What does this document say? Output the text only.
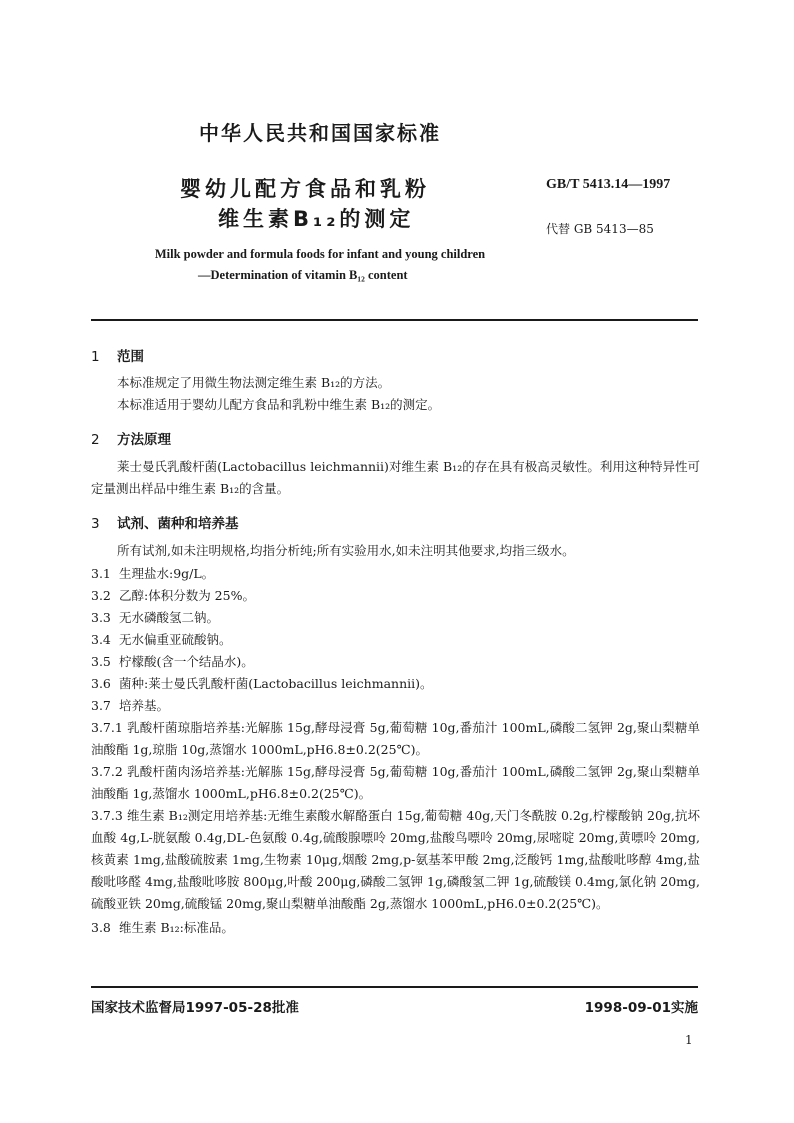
中华人民共和国国家标准
婴幼儿配方食品和乳粉
维生素B₁₂的测定
GB/T 5413.14—1997
代替 GB 5413—85
Milk powder and formula foods for infant and young children
—Determination of vitamin B₁₂ content
1 范围
本标准规定了用微生物法测定维生素 B₁₂的方法。
本标准适用于婴幼儿配方食品和乳粉中维生素 B₁₂的测定。
2 方法原理
莱士曼氏乳酸杆菌(Lactobacillus leichmannii)对维生素 B₁₂的存在具有极高灵敏性。利用这种特异性可定量测出样品中维生素 B₁₂的含量。
3 试剂、菌种和培养基
所有试剂,如未注明规格,均指分析纯;所有实验用水,如未注明其他要求,均指三级水。
3.1 生理盐水:9g/L。
3.2 乙醇:体积分数为 25%。
3.3 无水磷酸氢二钠。
3.4 无水偏重亚硫酸钠。
3.5 柠檬酸(含一个结晶水)。
3.6 菌种:莱士曼氏乳酸杆菌(Lactobacillus leichmannii)。
3.7 培养基。
3.7.1 乳酸杆菌琼脂培养基:光解胨 15g,酵母浸膏 5g,葡萄糖 10g,番茄汁 100mL,磷酸二氢钾 2g,聚山梨糖单油酸酯 1g,琼脂 10g,蒸馏水 1000mL,pH6.8±0.2(25℃)。
3.7.2 乳酸杆菌肉汤培养基:光解胨 15g,酵母浸膏 5g,葡萄糖 10g,番茄汁 100mL,磷酸二氢钾 2g,聚山梨糖单油酸酯 1g,蒸馏水 1000mL,pH6.8±0.2(25℃)。
3.7.3 维生素 B₁₂测定用培养基:无维生素酸水解酪蛋白 15g,葡萄糖 40g,天门冬酰胺 0.2g,柠檬酸钠 20g,抗坏血酸 4g,L-胱氨酸 0.4g,DL-色氨酸 0.4g,硫酸腺嘌呤 20mg,盐酸鸟嘌呤 20mg,尿嘧啶 20mg,黄嘌呤 20mg,核黄素 1mg,盐酸硫胺素 1mg,生物素 10μg,烟酸 2mg,p-氨基苯甲酸 2mg,泛酸钙 1mg,盐酸吡哆醇 4mg,盐酸吡哆醛 4mg,盐酸吡哆胺 800μg,叶酸 200μg,磷酸二氢钾 1g,磷酸氢二钾 1g,硫酸镁 0.4mg,氯化钠 20mg,硫酸亚铁 20mg,硫酸锰 20mg,聚山梨糖单油酸酯 2g,蒸馏水 1000mL,pH6.0±0.2(25℃)。
3.8 维生素 B₁₂:标准品。
国家技术监督局1997-05-28批准	1998-09-01实施
1
